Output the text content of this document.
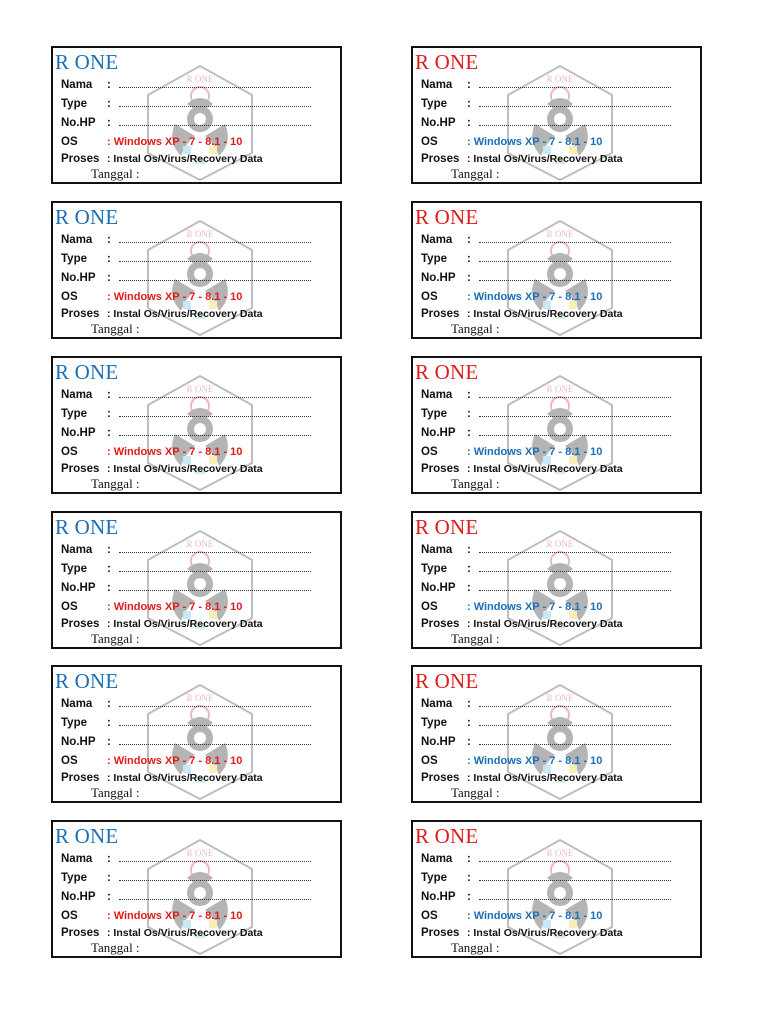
R ONE
R ONE
Nama :
Type :
No.HP :
OS	: Windows XP - 7 - 8.1 - 10
Proses : Instal Os/Virus/Recovery Data
Tanggal :
R ONE
R ONE
Nama :
Type :
No.HP :
OS	: Windows XP - 7 - 8.1 - 10
Proses : Instal Os/Virus/Recovery Data
Tanggal :
R ONE
R ONE
Nama :
Type :
No.HP :
OS	: Windows XP - 7 - 8.1 - 10
Proses : Instal Os/Virus/Recovery Data
Tanggal :
R ONE
R ONE
Nama :
Type :
No.HP :
OS	: Windows XP - 7 - 8.1 - 10
Proses : Instal Os/Virus/Recovery Data
Tanggal :
R ONE
R ONE
Nama :
Type :
No.HP :
OS	: Windows XP - 7 - 8.1 - 10
Proses : Instal Os/Virus/Recovery Data
Tanggal :
R ONE
R ONE
Nama :
Type :
No.HP :
OS	: Windows XP - 7 - 8.1 - 10
Proses : Instal Os/Virus/Recovery Data
Tanggal :
R ONE
R ONE
Nama :
Type :
No.HP :
OS	: Windows XP - 7 - 8.1 - 10
Proses : Instal Os/Virus/Recovery Data
Tanggal :
R ONE
R ONE
Nama :
Type :
No.HP :
OS	: Windows XP - 7 - 8.1 - 10
Proses : Instal Os/Virus/Recovery Data
Tanggal :
R ONE
R ONE
Nama :
Type :
No.HP :
OS	: Windows XP - 7 - 8.1 - 10
Proses : Instal Os/Virus/Recovery Data
Tanggal :
R ONE
R ONE
Nama :
Type :
No.HP :
OS	: Windows XP - 7 - 8.1 - 10
Proses : Instal Os/Virus/Recovery Data
Tanggal :
R ONE
R ONE
Nama :
Type :
No.HP :
OS	: Windows XP - 7 - 8.1 - 10
Proses : Instal Os/Virus/Recovery Data
Tanggal :
R ONE
R ONE
Nama :
Type :
No.HP :
OS	: Windows XP - 7 - 8.1 - 10
Proses : Instal Os/Virus/Recovery Data
Tanggal :
